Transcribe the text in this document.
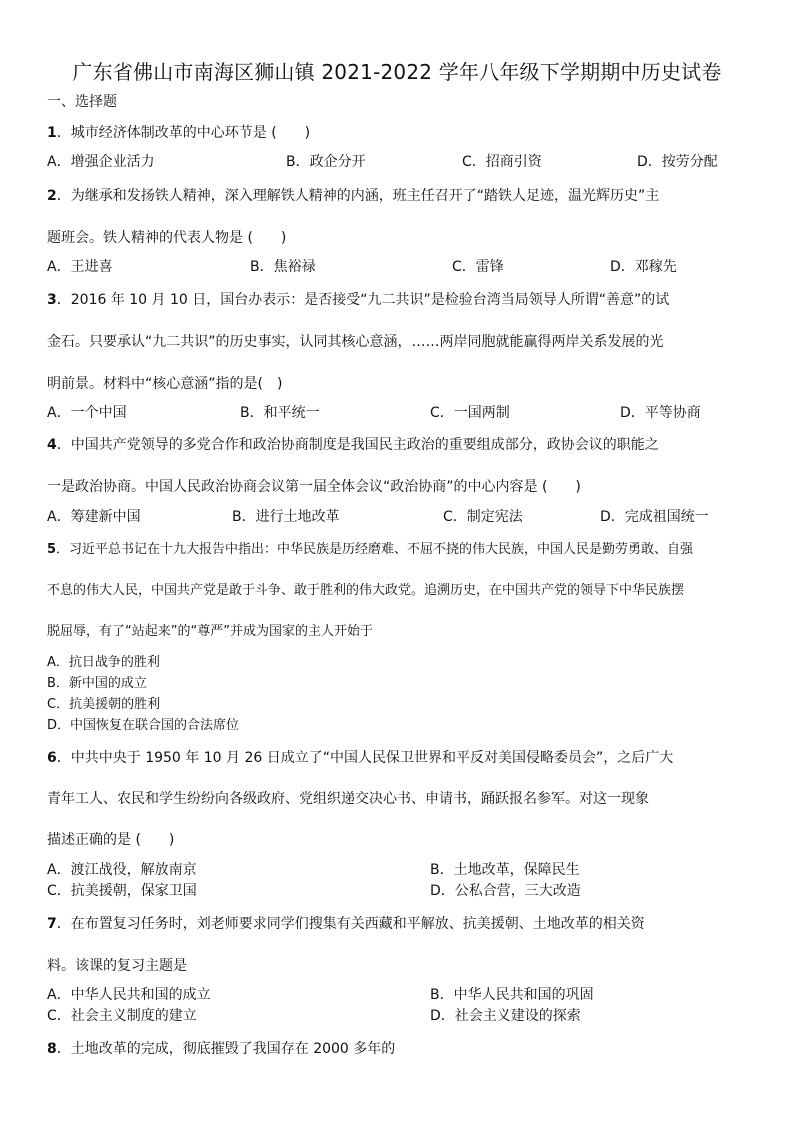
广东省佛山市南海区狮山镇 2021-2022 学年八年级下学期期中历史试卷
一、选择题
1．城市经济体制改革的中心环节是 (　　)
A．增强企业活力	B．政企分开	C．招商引资	D．按劳分配
2．为继承和发扬铁人精神，深入理解铁人精神的内涵，班主任召开了“踏铁人足迹，温光辉历史”主
题班会。铁人精神的代表人物是 (　　)
A．王进喜	B．焦裕禄	C．雷锋	D．邓稼先
3．2016 年 10 月 10 日，国台办表示：是否接受“九二共识”是检验台湾当局领导人所谓“善意”的试
金石。只要承认“九二共识”的历史事实，认同其核心意涵，……两岸同胞就能赢得两岸关系发展的光
明前景。材料中“核心意涵”指的是(　)
A．一个中国	B．和平统一	C．一国两制	D．平等协商
4．中国共产党领导的多党合作和政治协商制度是我国民主政治的重要组成部分，政协会议的职能之
一是政治协商。中国人民政治协商会议第一届全体会议“政治协商”的中心内容是 (　　)
A．筹建新中国	B．进行土地改革	C．制定宪法	D．完成祖国统一
5．习近平总书记在十九大报告中指出：中华民族是历经磨难、不屈不挠的伟大民族，中国人民是勤劳勇敢、自强
不息的伟大人民，中国共产党是敢于斗争、敢于胜利的伟大政党。追溯历史，在中国共产党的领导下中华民族摆
脱屈辱，有了“站起来”的“尊严”并成为国家的主人开始于
A．抗日战争的胜利
B．新中国的成立
C．抗美援朝的胜利
D．中国恢复在联合国的合法席位
6．中共中央于 1950 年 10 月 26 日成立了“中国人民保卫世界和平反对美国侵略委员会”，之后广大
青年工人、农民和学生纷纷向各级政府、党组织递交决心书、申请书，踊跃报名参军。对这一现象
描述正确的是 (　　)
A．渡江战役，解放南京	B．土地改革，保障民生
C．抗美援朝，保家卫国	D．公私合营，三大改造
7．在布置复习任务时，刘老师要求同学们搜集有关西藏和平解放、抗美援朝、土地改革的相关资
料。该课的复习主题是
A．中华人民共和国的成立	B．中华人民共和国的巩固
C．社会主义制度的建立	D．社会主义建设的探索
8．土地改革的完成，彻底摧毁了我国存在 2000 多年的
